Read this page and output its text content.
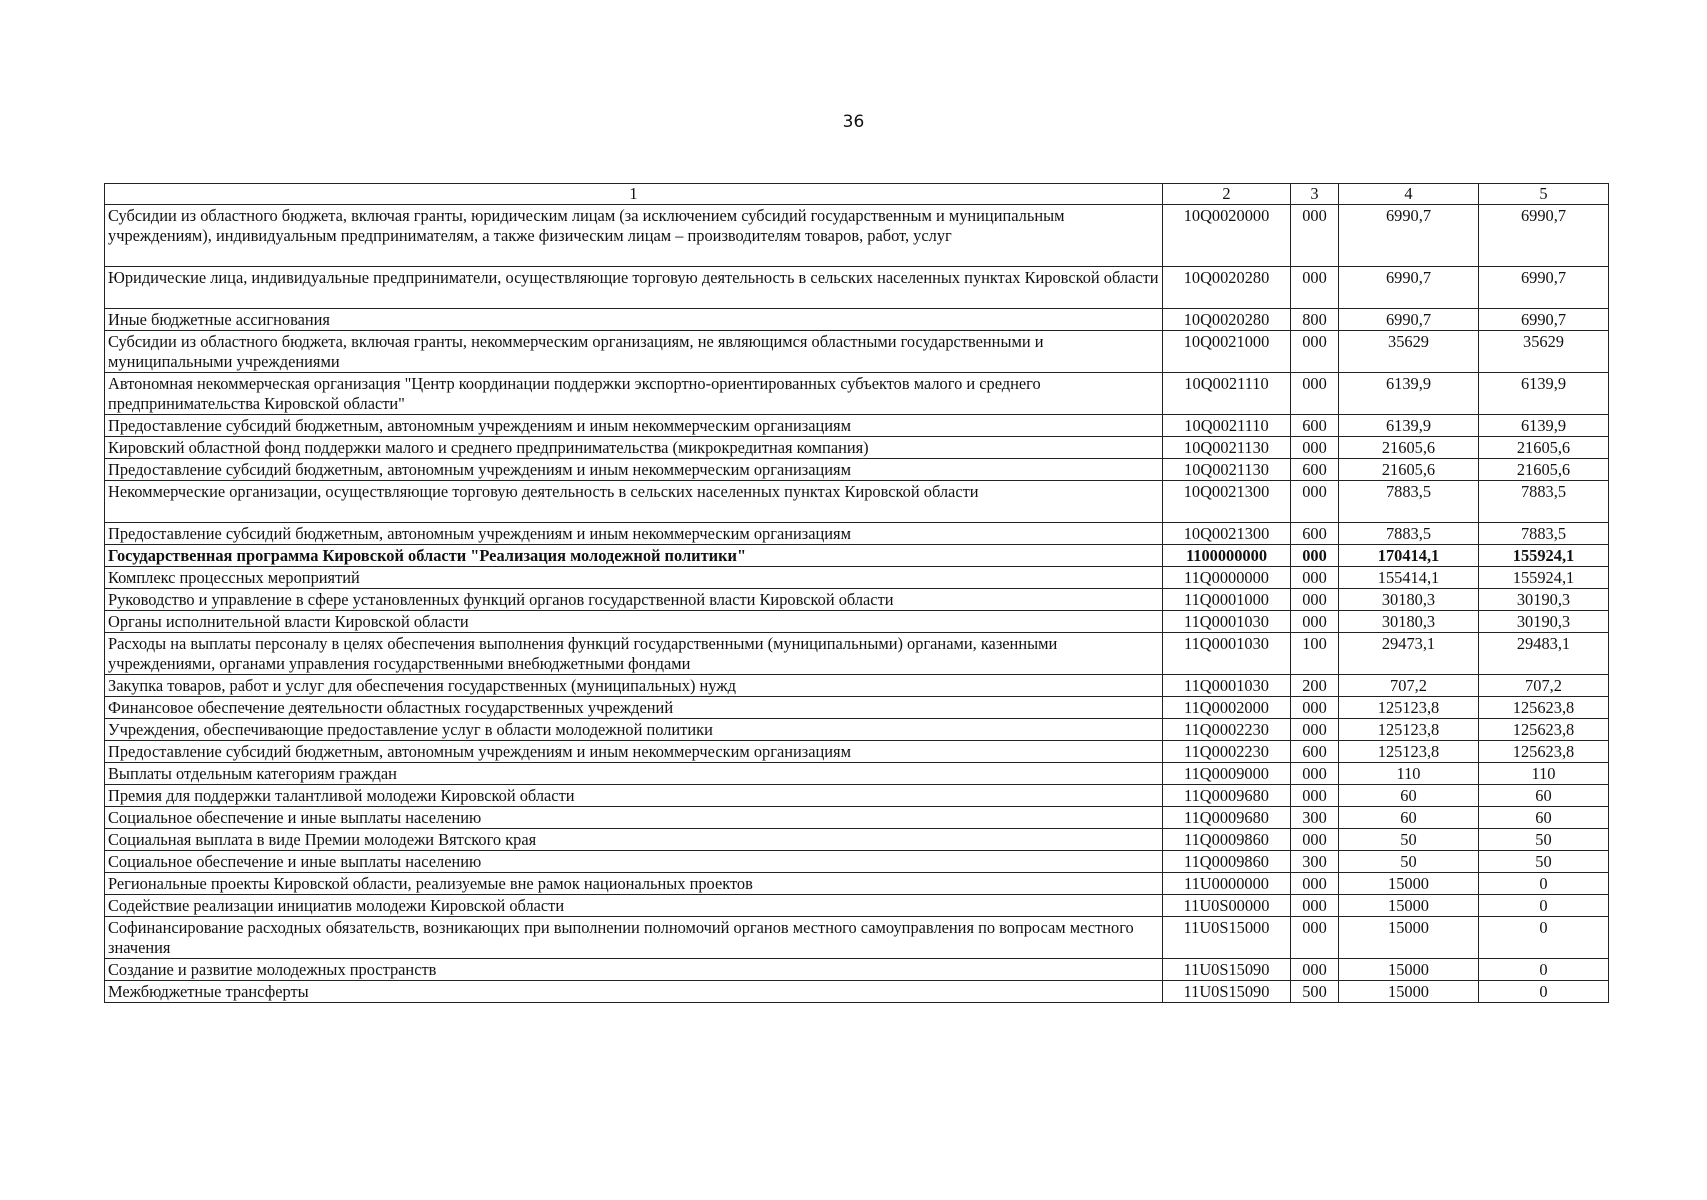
36
1	2	3	4	5
Субсидии из областного бюджета, включая гранты, юридическим лицам (за исключением субсидий государственным и муниципальным учреждениям), индивидуальным предпринимателям, а также физическим лицам – производителям товаров, работ, услуг	10Q0020000	000	6990,7	6990,7
Юридические лица, индивидуальные предприниматели, осуществляющие торговую деятельность в сельских населенных пунктах Кировской области	10Q0020280	000	6990,7	6990,7
Иные бюджетные ассигнования	10Q0020280	800	6990,7	6990,7
Субсидии из областного бюджета, включая гранты, некоммерческим организациям, не являющимся областными государственными и муниципальными учреждениями	10Q0021000	000	35629	35629
Автономная некоммерческая организация "Центр координации поддержки экспортно-ориентированных субъектов малого и среднего предпринимательства Кировской области"	10Q0021110	000	6139,9	6139,9
Предоставление субсидий бюджетным, автономным учреждениям и иным некоммерческим организациям	10Q0021110	600	6139,9	6139,9
Кировский областной фонд поддержки малого и среднего предпринимательства (микрокредитная компания)	10Q0021130	000	21605,6	21605,6
Предоставление субсидий бюджетным, автономным учреждениям и иным некоммерческим организациям	10Q0021130	600	21605,6	21605,6
Некоммерческие организации, осуществляющие торговую деятельность в сельских населенных пунктах Кировской области	10Q0021300	000	7883,5	7883,5
Предоставление субсидий бюджетным, автономным учреждениям и иным некоммерческим организациям	10Q0021300	600	7883,5	7883,5
Государственная программа Кировской области "Реализация молодежной политики"	1100000000	000	170414,1	155924,1
Комплекс процессных мероприятий	11Q0000000	000	155414,1	155924,1
Руководство и управление в сфере установленных функций органов государственной власти Кировской области	11Q0001000	000	30180,3	30190,3
Органы исполнительной власти Кировской области	11Q0001030	000	30180,3	30190,3
Расходы на выплаты персоналу в целях обеспечения выполнения функций государственными (муниципальными) органами, казенными учреждениями, органами управления государственными внебюджетными фондами	11Q0001030	100	29473,1	29483,1
Закупка товаров, работ и услуг для обеспечения государственных (муниципальных) нужд	11Q0001030	200	707,2	707,2
Финансовое обеспечение деятельности областных государственных учреждений	11Q0002000	000	125123,8	125623,8
Учреждения, обеспечивающие предоставление услуг в области молодежной политики	11Q0002230	000	125123,8	125623,8
Предоставление субсидий бюджетным, автономным учреждениям и иным некоммерческим организациям	11Q0002230	600	125123,8	125623,8
Выплаты отдельным категориям граждан	11Q0009000	000	110	110
Премия для поддержки талантливой молодежи Кировской области	11Q0009680	000	60	60
Социальное обеспечение и иные выплаты населению	11Q0009680	300	60	60
Социальная выплата в виде Премии молодежи Вятского края	11Q0009860	000	50	50
Социальное обеспечение и иные выплаты населению	11Q0009860	300	50	50
Региональные проекты Кировской области, реализуемые вне рамок национальных проектов	11U0000000	000	15000	0
Содействие реализации инициатив молодежи Кировской области	11U0S00000	000	15000	0
Софинансирование расходных обязательств, возникающих при выполнении полномочий органов местного самоуправления по вопросам местного значения	11U0S15000	000	15000	0
Создание и развитие молодежных пространств	11U0S15090	000	15000	0
Межбюджетные трансферты	11U0S15090	500	15000	0
